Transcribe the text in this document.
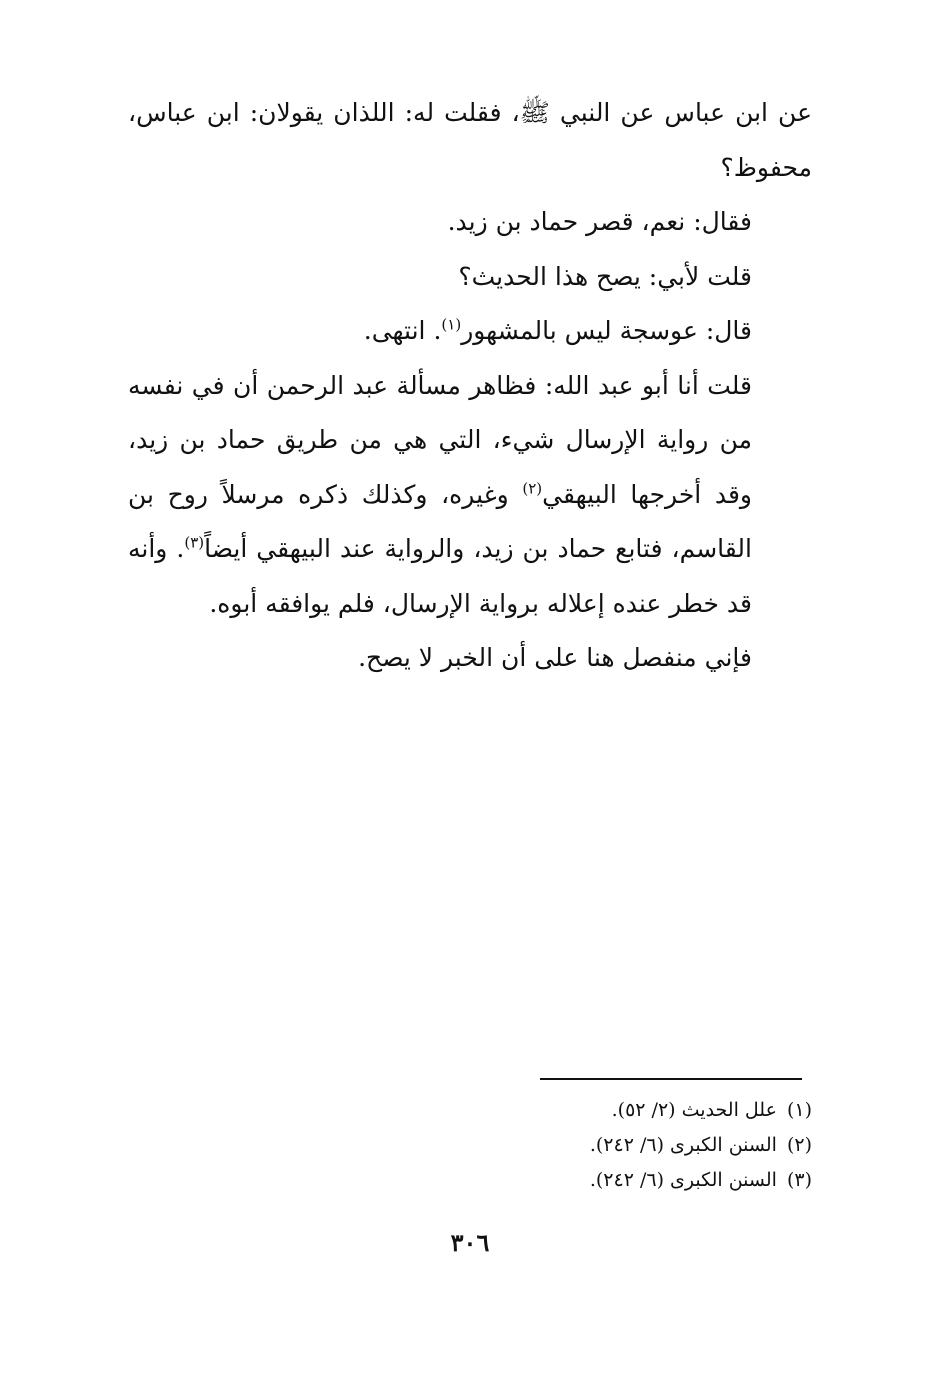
عن ابن عباس عن النبي ﷺ، فقلت له: اللذان يقولان: ابن عباس، محفوظ؟

فقال: نعم، قصر حماد بن زيد.

قلت لأبي: يصح هذا الحديث؟

قال: عوسجة ليس بالمشهور$^{(١)}$. انتهى.

قلت أنا أبو عبد الله: فظاهر مسألة عبد الرحمن أن في نفسه من رواية الإرسال شيء، التي هي من طريق حماد بن زيد، وقد أخرجها البيهقي$^{(٢)}$ وغيره، وكذلك ذكره مرسلاً روح بن القاسم، فتابع حماد بن زيد، والرواية عند البيهقي أيضاً$^{(٣)}$. وأنه قد خطر عنده إعلاله برواية الإرسال، فلم يوافقه أبوه.

فإني منفصل هنا على أن الخبر لا يصح.

(١)علل الحديث (٢/ ٥٢).
(٢)السنن الكبرى (٦/ ٢٤٢).
(٣)السنن الكبرى (٦/ ٢٤٢).
٣٠٦
